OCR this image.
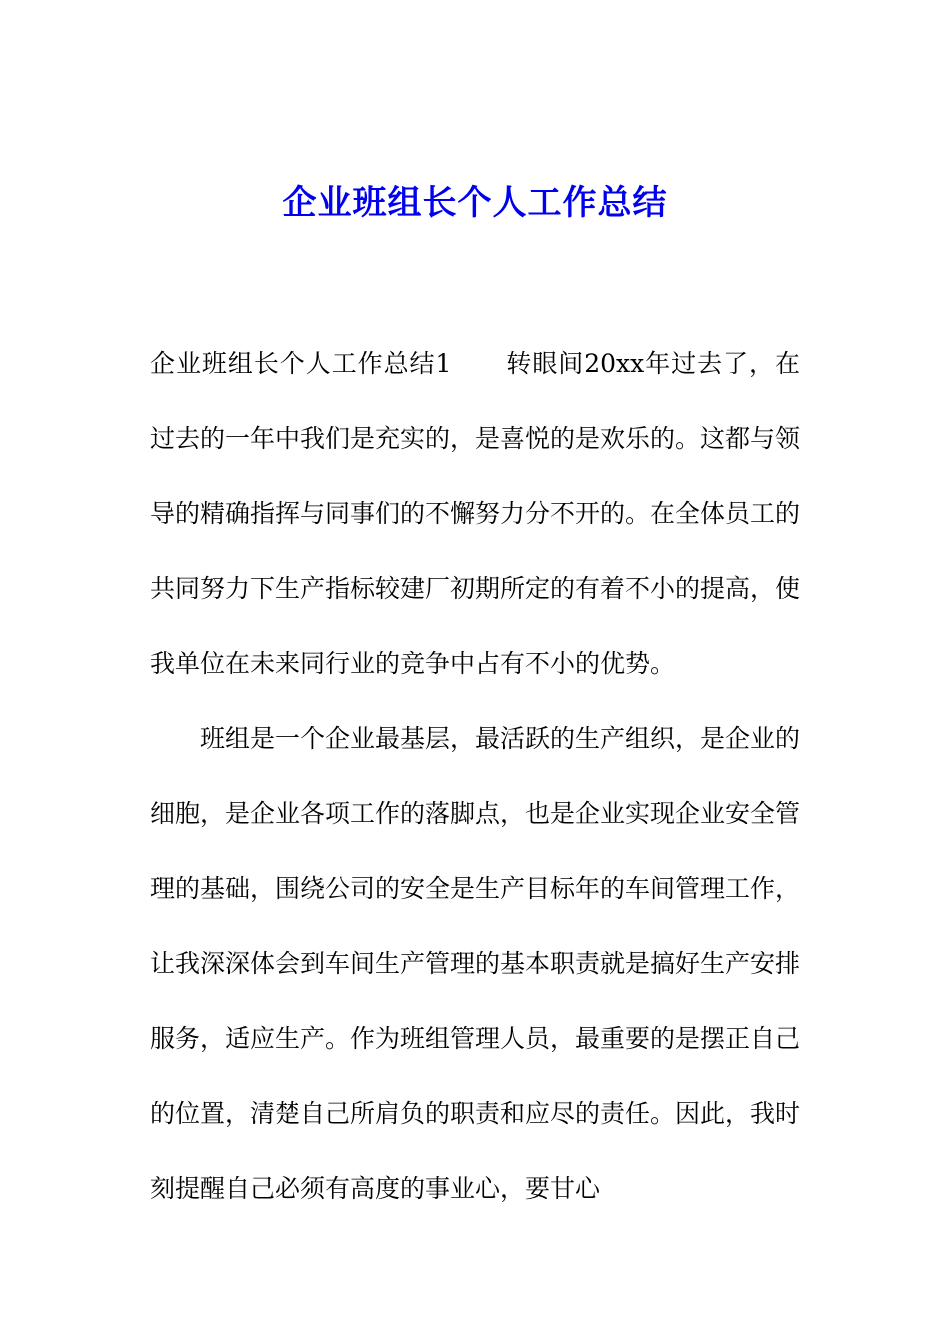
企业班组长个人工作总结

企业班组长个人工作总结1 转眼间20xx年过去了，在过去的一年中我们是充实的，是喜悦的是欢乐的。这都与领导的精确指挥与同事们的不懈努力分不开的。在全体员工的共同努力下生产指标较建厂初期所定的有着不小的提高，使我单位在未来同行业的竞争中占有不小的优势。

班组是一个企业最基层，最活跃的生产组织，是企业的细胞，是企业各项工作的落脚点，也是企业实现企业安全管理的基础，围绕公司的安全是生产目标年的车间管理工作，让我深深体会到车间生产管理的基本职责就是搞好生产安排服务，适应生产。作为班组管理人员，最重要的是摆正自己的位置，清楚自己所肩负的职责和应尽的责任。因此，我时刻提醒自己必须有高度的事业心，要甘心
